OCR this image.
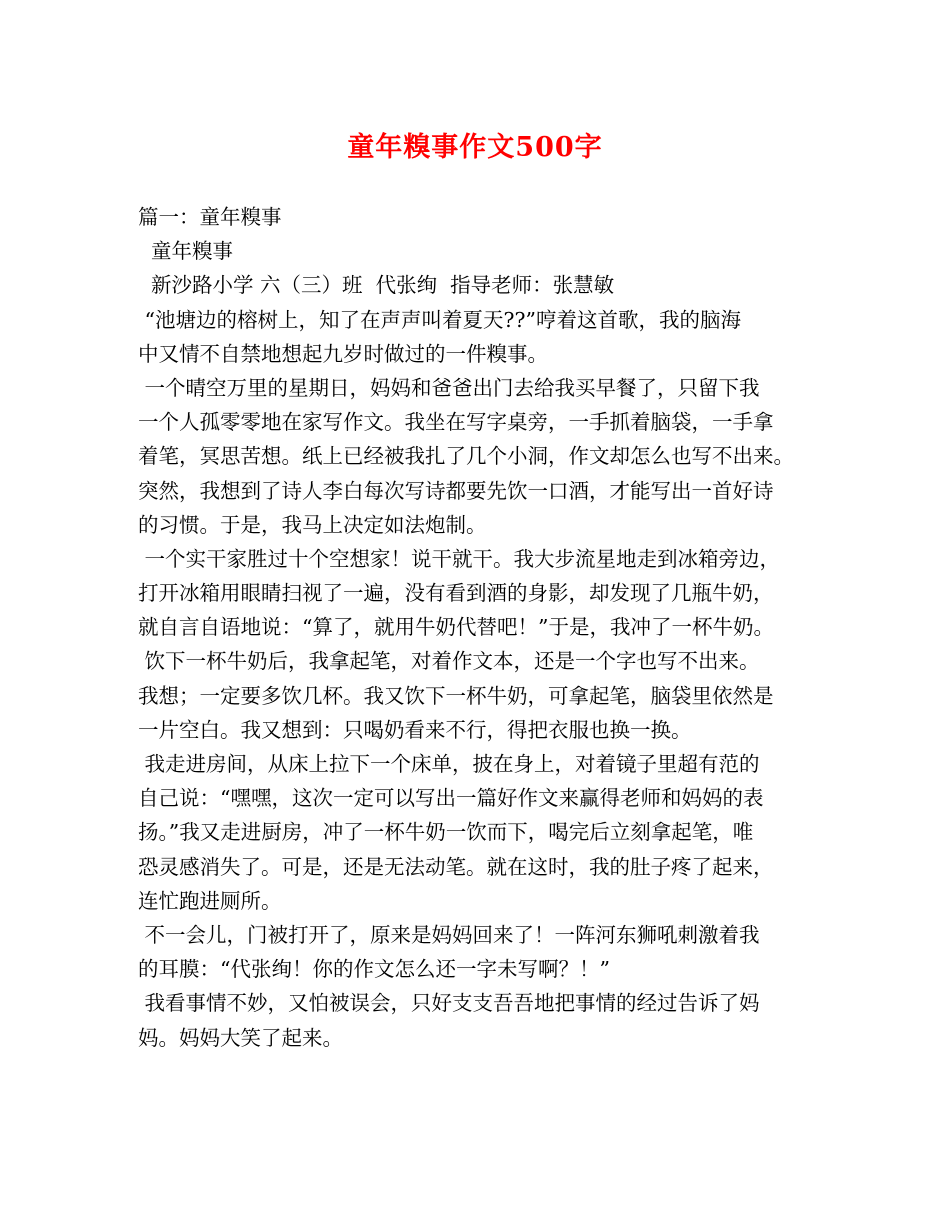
童年糗事作文500字
篇一：童年糗事
童年糗事
新沙路小学 六（三）班  代张绚  指导老师：张慧敏
“池塘边的榕树上，知了在声声叫着夏天??”哼着这首歌，我的脑海
中又情不自禁地想起九岁时做过的一件糗事。
一个晴空万里的星期日，妈妈和爸爸出门去给我买早餐了，只留下我
一个人孤零零地在家写作文。我坐在写字桌旁，一手抓着脑袋，一手拿
着笔，冥思苦想。纸上已经被我扎了几个小洞，作文却怎么也写不出来。
突然，我想到了诗人李白每次写诗都要先饮一口酒，才能写出一首好诗
的习惯。于是，我马上决定如法炮制。
一个实干家胜过十个空想家！说干就干。我大步流星地走到冰箱旁边，
打开冰箱用眼睛扫视了一遍，没有看到酒的身影，却发现了几瓶牛奶，
就自言自语地说：“算了，就用牛奶代替吧！”于是，我冲了一杯牛奶。
饮下一杯牛奶后，我拿起笔，对着作文本，还是一个字也写不出来。
我想；一定要多饮几杯。我又饮下一杯牛奶，可拿起笔，脑袋里依然是
一片空白。我又想到：只喝奶看来不行，得把衣服也换一换。
我走进房间，从床上拉下一个床单，披在身上，对着镜子里超有范的
自己说：“嘿嘿，这次一定可以写出一篇好作文来赢得老师和妈妈的表
扬。”我又走进厨房，冲了一杯牛奶一饮而下，喝完后立刻拿起笔，唯
恐灵感消失了。可是，还是无法动笔。就在这时，我的肚子疼了起来，
连忙跑进厕所。
不一会儿，门被打开了，原来是妈妈回来了！一阵河东狮吼刺激着我
的耳膜：“代张绚！你的作文怎么还一字未写啊？！”
我看事情不妙，又怕被误会，只好支支吾吾地把事情的经过告诉了妈
妈。妈妈大笑了起来。
